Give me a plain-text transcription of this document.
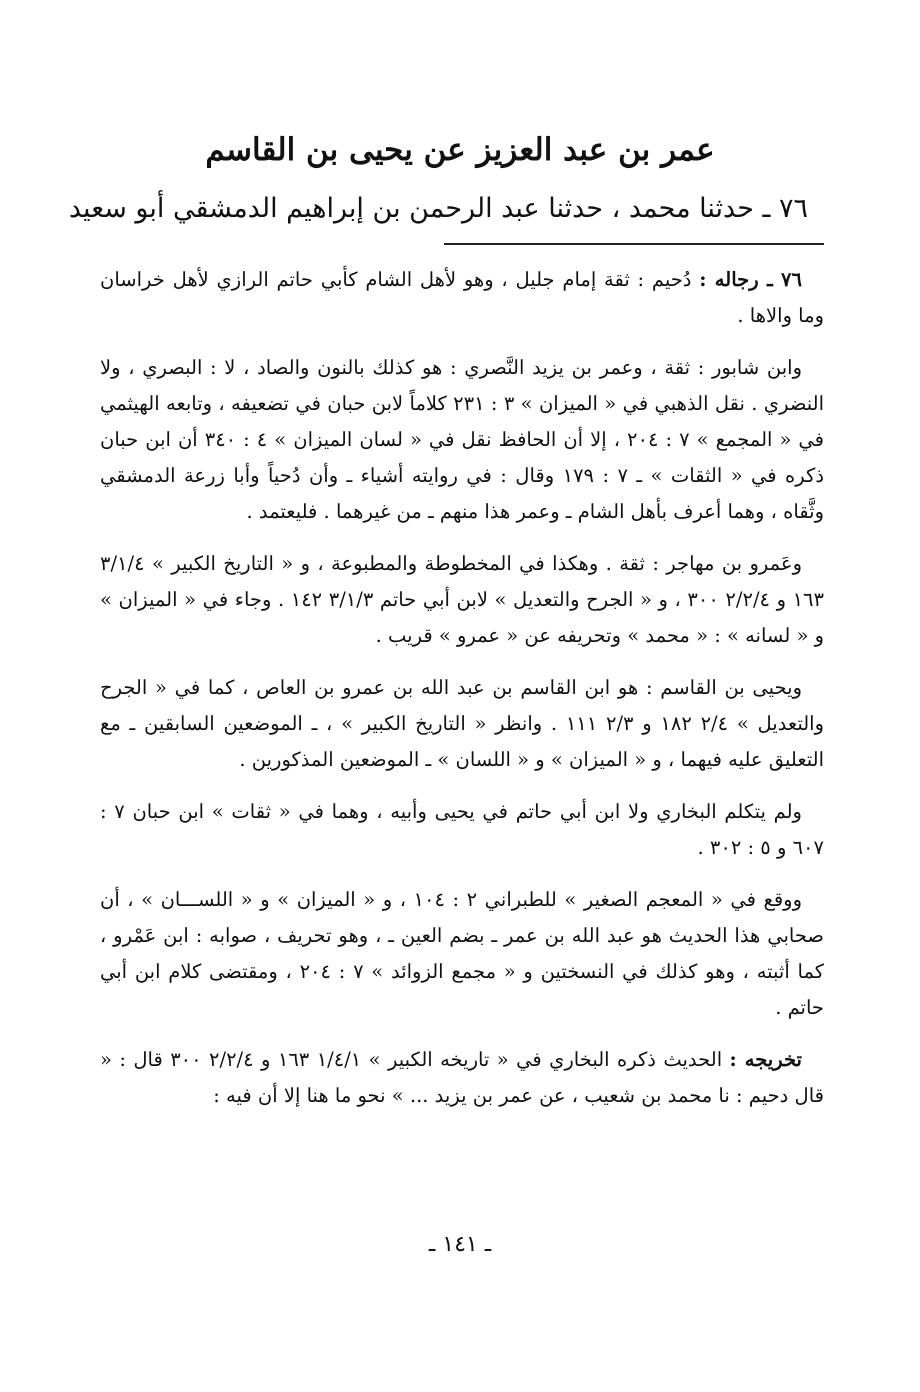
عمر بن عبد العزيز عن يحيى بن القاسم
٧٦ ـ حدثنا محمد ، حدثنا عبد الرحمن بن إبراهيم الدمشقي أبو سعيد

٧٦ ـ رجاله : دُحيم : ثقة إمام جليل ، وهو لأهل الشام كأبي حاتم الرازي لأهل خراسان وما والاها .

وابن شابور : ثقة ، وعمر بن يزيد النَّصري : هو كذلك بالنون والصاد ، لا : البصري ، ولا النضري . نقل الذهبي في « الميزان » ٣ : ٢٣١ كلاماً لابن حبان في تضعيفه ، وتابعه الهيثمي في « المجمع » ٧ : ٢٠٤ ، إلا أن الحافظ نقل في « لسان الميزان » ٤ : ٣٤٠ أن ابن حبان ذكره في « الثقات » ـ ٧ : ١٧٩ وقال : في روايته أشياء ـ وأن دُحياً وأبا زرعة الدمشقي وثَّقاه ، وهما أعرف بأهل الشام ـ وعمر هذا منهم ـ من غيرهما . فليعتمد .

وعَمرو بن مهاجر : ثقة . وهكذا في المخطوطة والمطبوعة ، و « التاريخ الكبير » ٣/١/٤ ١٦٣ و ٢/٢/٤ ٣٠٠ ، و « الجرح والتعديل » لابن أبي حاتم ٣/١/٣ ١٤٢ . وجاء في « الميزان » و « لسانه » : « محمد » وتحريفه عن « عمرو » قريب .

ويحيى بن القاسم : هو ابن القاسم بن عبد الله بن عمرو بن العاص ، كما في « الجرح والتعديل » ٢/٤ ١٨٢ و ٢/٣ ١١١ . وانظر « التاريخ الكبير » ، ـ الموضعين السابقين ـ مع التعليق عليه فيهما ، و « الميزان » و « اللسان » ـ الموضعين المذكورين .

ولم يتكلم البخاري ولا ابن أبي حاتم في يحيى وأبيه ، وهما في « ثقات » ابن حبان ٧ : ٦٠٧ و ٥ : ٣٠٢ .

ووقع في « المعجم الصغير » للطبراني ٢ : ١٠٤ ، و « الميزان » و « اللســـان » ، أن صحابي هذا الحديث هو عبد الله بن عمر ـ بضم العين ـ ، وهو تحريف ، صوابه : ابن عَمْرو ، كما أثبته ، وهو كذلك في النسختين و « مجمع الزوائد » ٧ : ٢٠٤ ، ومقتضى كلام ابن أبي حاتم .

تخريجه : الحديث ذكره البخاري في « تاريخه الكبير » ١/٤/١ ١٦٣ و ٢/٢/٤ ٣٠٠ قال : « قال دحيم : نا محمد بن شعيب ، عن عمر بن يزيد ... » نحو ما هنا إلا أن فيه :

ـ ١٤١ ـ
